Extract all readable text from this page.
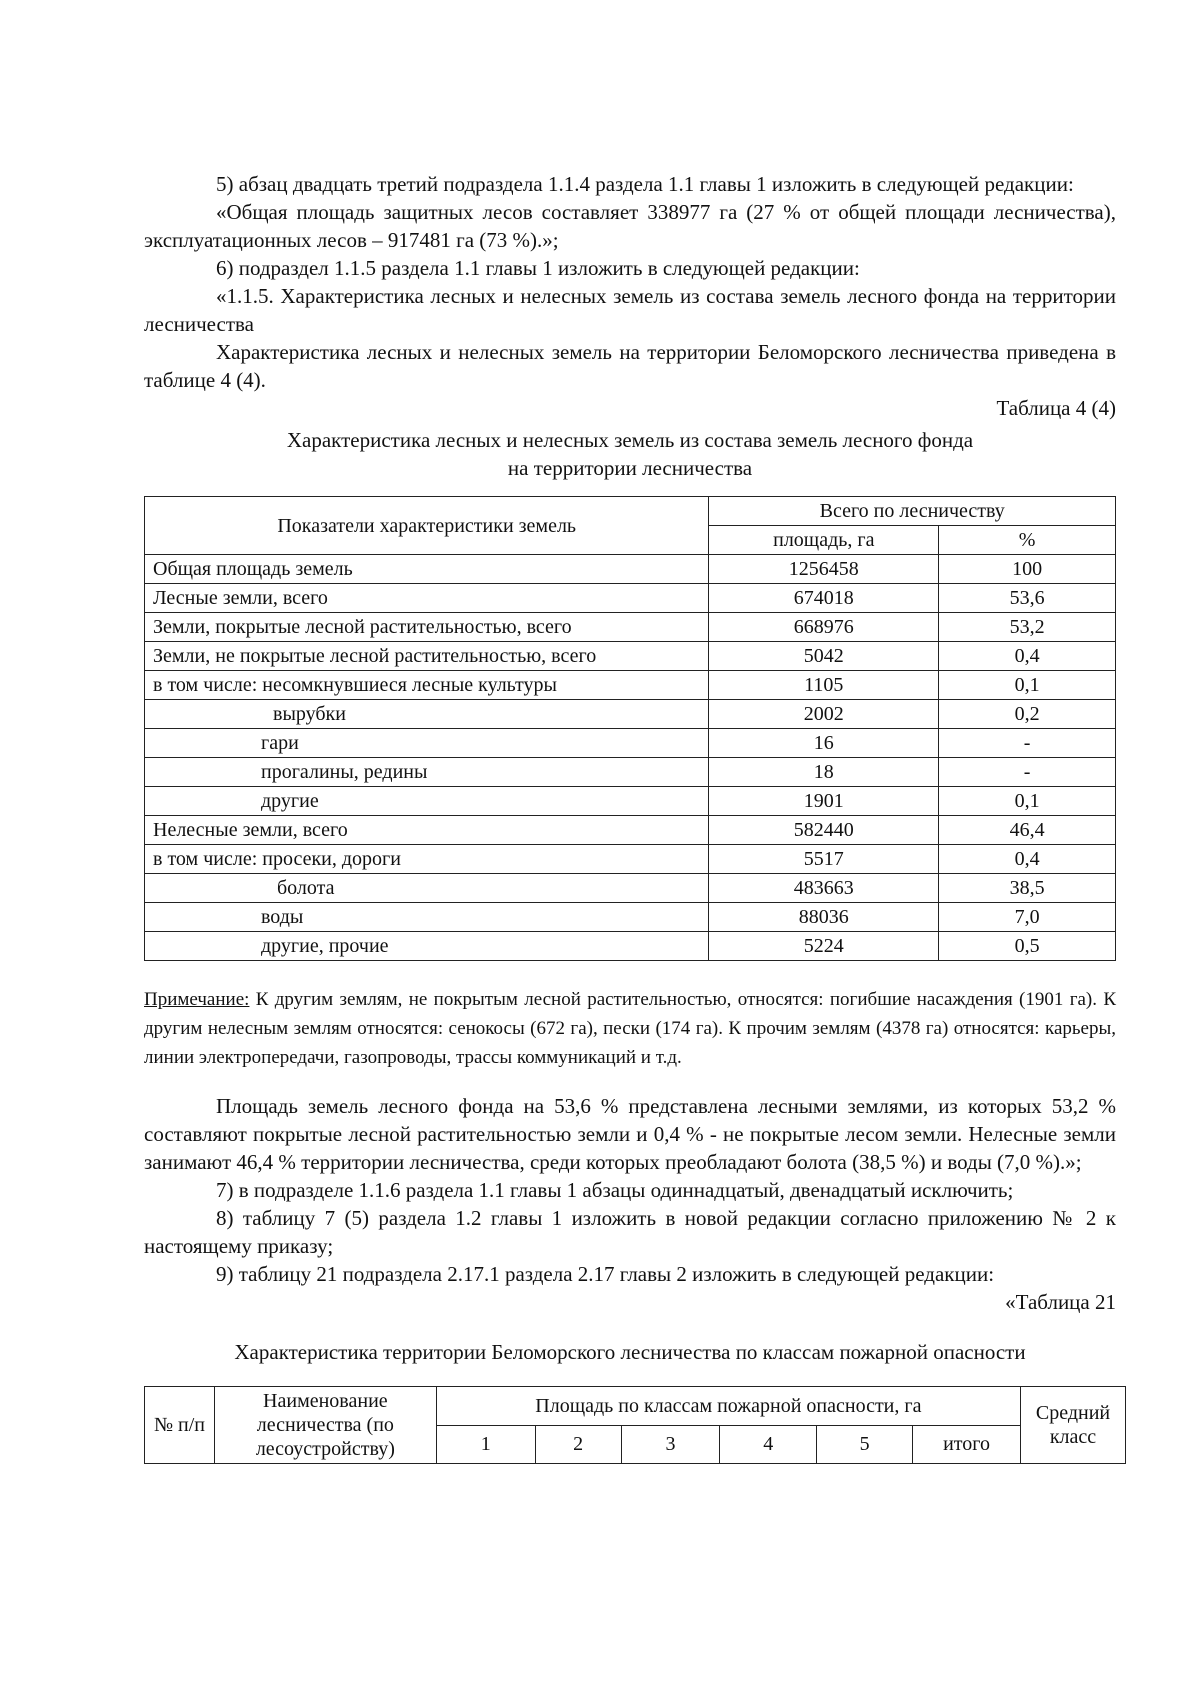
5) абзац двадцать третий подраздела 1.1.4 раздела 1.1 главы 1 изложить в следующей редакции:

«Общая площадь защитных лесов составляет 338977 га (27 % от общей площади лесничества), эксплуатационных лесов – 917481 га (73 %).»;

6) подраздел 1.1.5 раздела 1.1 главы 1 изложить в следующей редакции:

«1.1.5. Характеристика лесных и нелесных земель из состава земель лесного фонда на территории лесничества

Характеристика лесных и нелесных земель на территории Беломорского лесничества приведена в таблице 4 (4).

Таблица 4 (4)

Характеристика лесных и нелесных земель из состава земель лесного фонда
на территории лесничества
Показатели характеристики земель	Всего по лесничеству	
	площадь, га	%
Общая площадь земель	1256458	100
Лесные земли, всего	674018	53,6
Земли, покрытые лесной растительностью, всего	668976	53,2
Земли, не покрытые лесной растительностью, всего	5042	0,4
в том числе: несомкнувшиеся лесные культуры	1105	0,1
вырубки	2002	0,2
гари	16	-
прогалины, редины	18	-
другие	1901	0,1
Нелесные земли, всего	582440	46,4
в том числе: просеки, дороги	5517	0,4
болота	483663	38,5
воды	88036	7,0
другие, прочие	5224	0,5

Примечание: К другим землям, не покрытым лесной растительностью, относятся: погибшие насаждения (1901 га). К другим нелесным землям относятся: сенокосы (672 га), пески (174 га). К прочим землям (4378 га) относятся: карьеры, линии электропередачи, газопроводы, трассы коммуникаций и т.д.

Площадь земель лесного фонда на 53,6 % представлена лесными землями, из которых 53,2 % составляют покрытые лесной растительностью земли и 0,4 % - не покрытые лесом земли. Нелесные земли занимают 46,4 % территории лесничества, среди которых преобладают болота (38,5 %) и воды (7,0 %).»;

7) в подразделе 1.1.6 раздела 1.1 главы 1 абзацы одиннадцатый, двенадцатый исключить;

8) таблицу 7 (5) раздела 1.2 главы 1 изложить в новой редакции согласно приложению № 2 к настоящему приказу;

9) таблицу 21 подраздела 2.17.1 раздела 2.17 главы 2 изложить в следующей редакции:

«Таблица 21

Характеристика территории Беломорского лесничества по классам пожарной опасности

№ п/п	Наименование лесничества (по лесоустройству)	Площадь по классам пожарной опасности, га						Средний класс
		1	2	3	4	5	итого	
